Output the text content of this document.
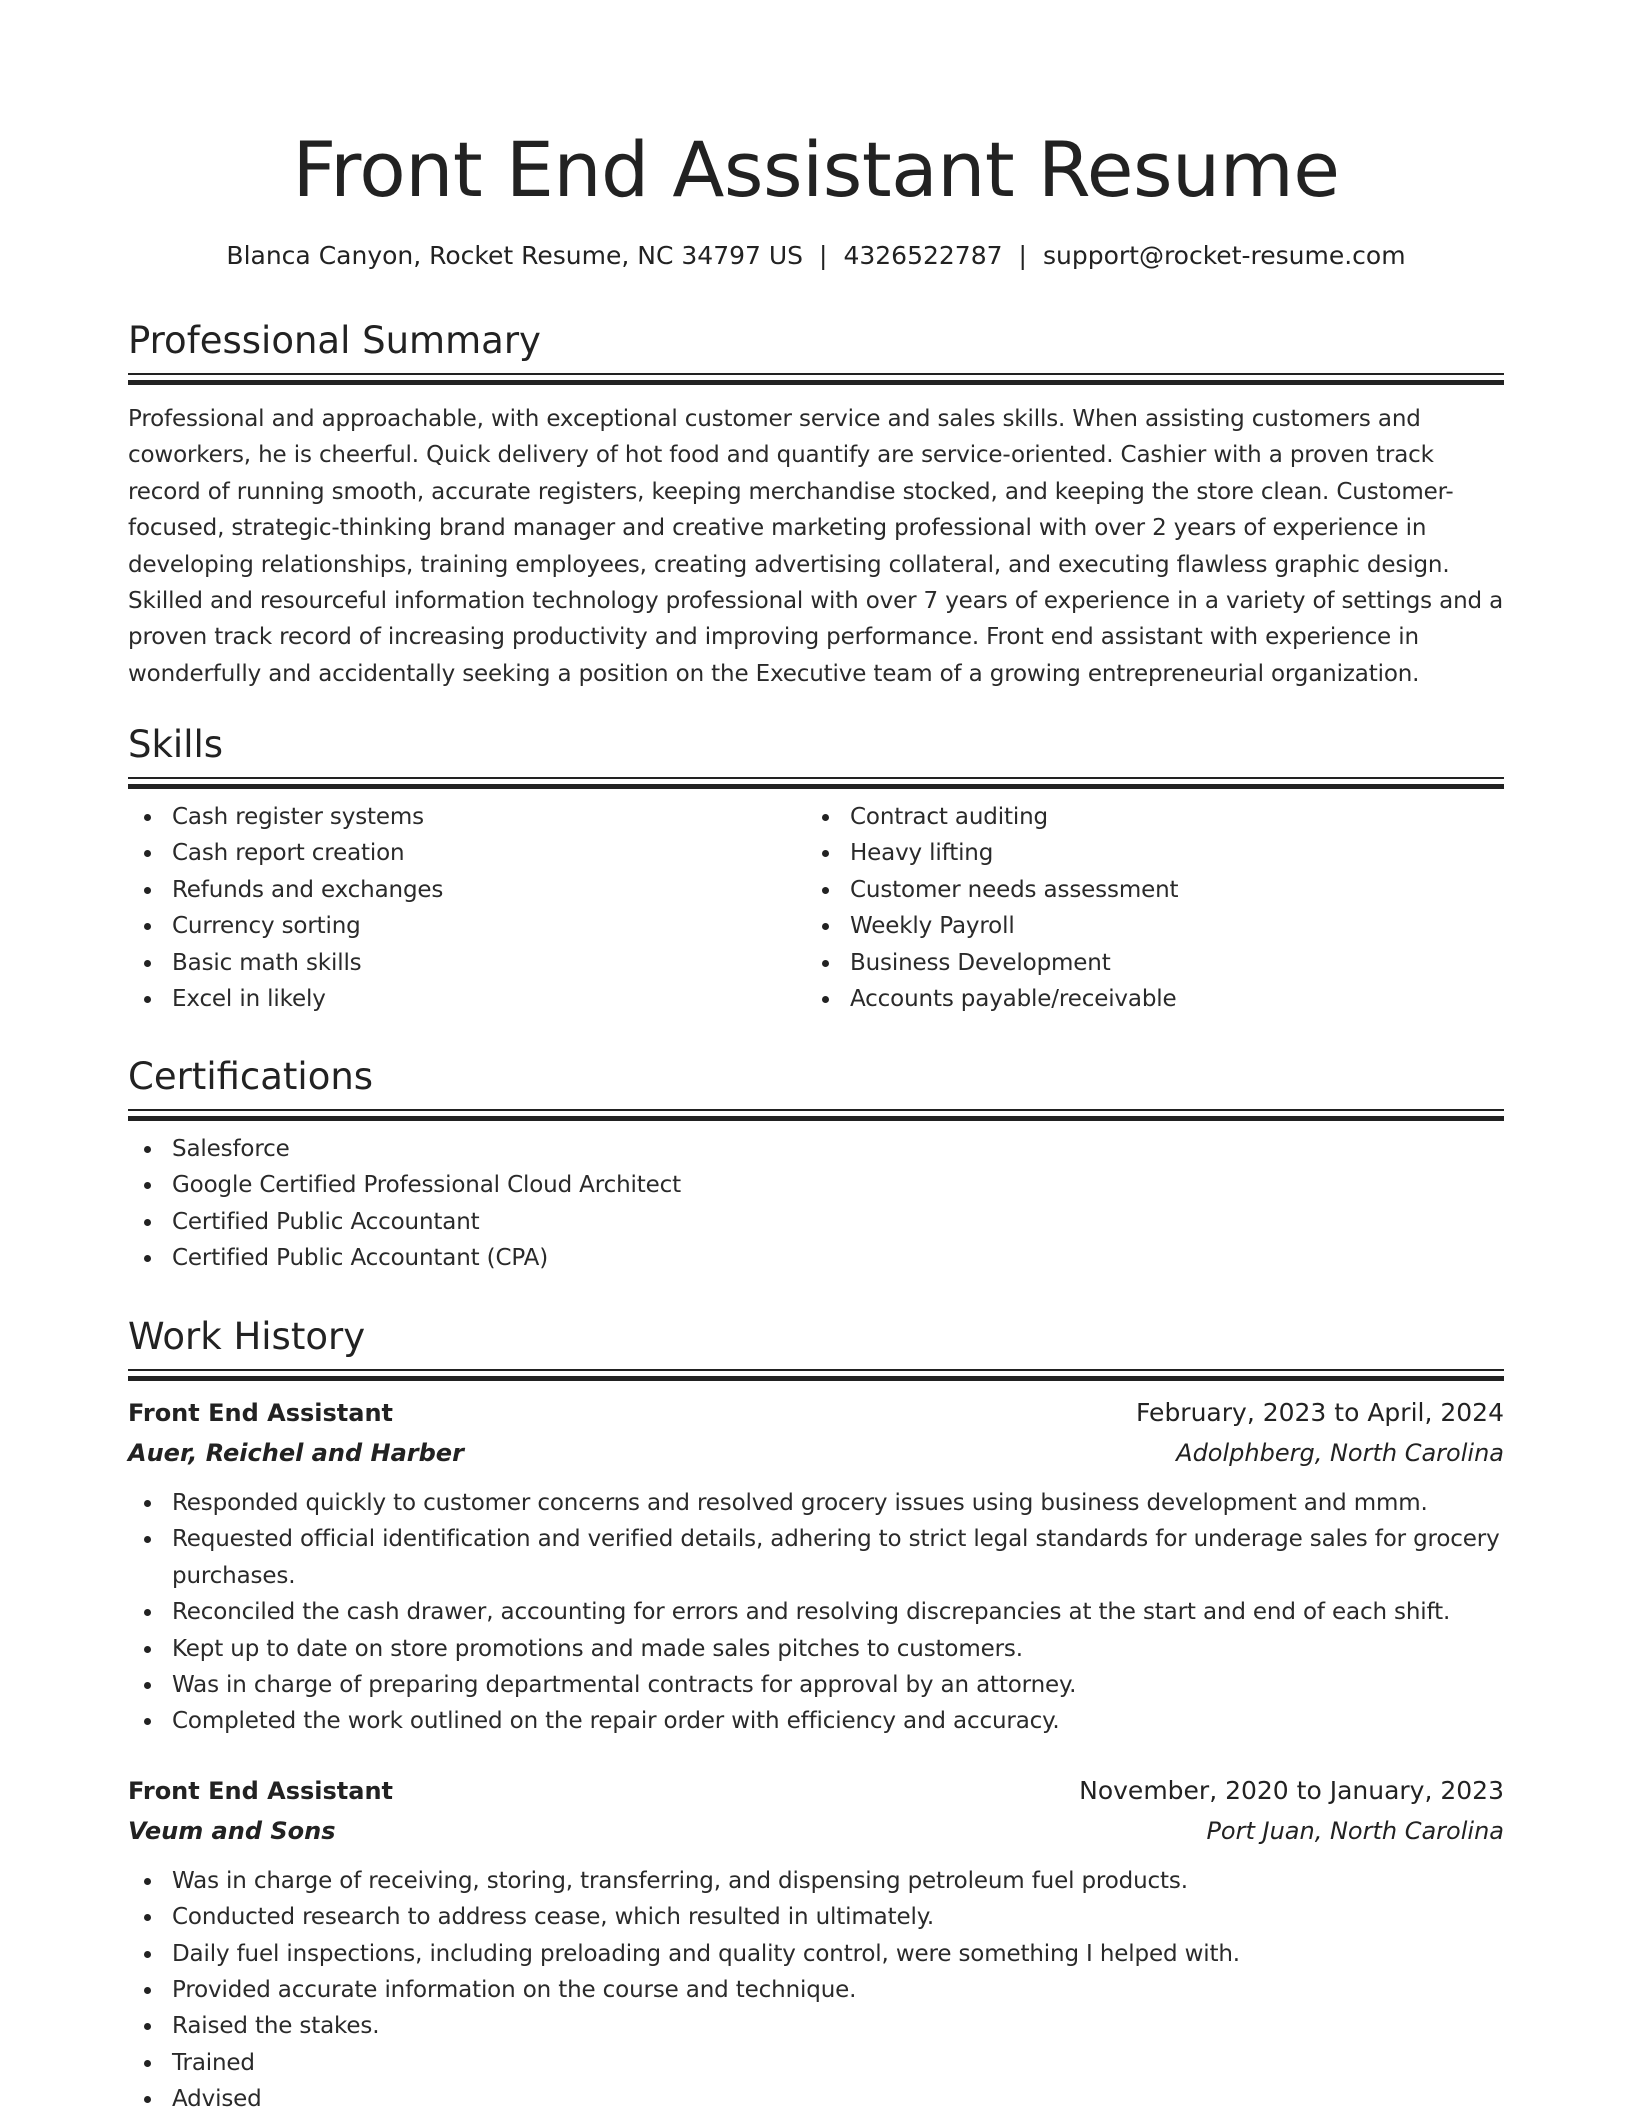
Front End Assistant Resume
Blanca Canyon, Rocket Resume, NC 34797 US | 4326522787 | support@rocket-resume.com
Professional Summary

Professional and approachable, with exceptional customer service and sales skills. When assisting customers and coworkers, he is cheerful. Quick delivery of hot food and quantify are service-oriented. Cashier with a proven track record of running smooth, accurate registers, keeping merchandise stocked, and keeping the store clean. Customer-focused, strategic-thinking brand manager and creative marketing professional with over 2 years of experience in developing relationships, training employees, creating advertising collateral, and executing flawless graphic design. Skilled and resourceful information technology professional with over 7 years of experience in a variety of settings and a proven track record of increasing productivity and improving performance. Front end assistant with experience in wonderfully and accidentally seeking a position on the Executive team of a growing entrepreneurial organization.

Skills
Cash register systems
Cash report creation
Refunds and exchanges
Currency sorting
Basic math skills
Excel in likely
Contract auditing
Heavy lifting
Customer needs assessment
Weekly Payroll
Business Development
Accounts payable/receivable
Certifications
Salesforce
Google Certified Professional Cloud Architect
Certified Public Accountant
Certified Public Accountant (CPA)
Work History
Front End Assistant	February, 2023 to April, 2024
Auer, Reichel and Harber	Adolphberg, North Carolina
Responded quickly to customer concerns and resolved grocery issues using business development and mmm.
Requested official identification and verified details, adhering to strict legal standards for underage sales for grocery purchases.
Reconciled the cash drawer, accounting for errors and resolving discrepancies at the start and end of each shift.
Kept up to date on store promotions and made sales pitches to customers.
Was in charge of preparing departmental contracts for approval by an attorney.
Completed the work outlined on the repair order with efficiency and accuracy.
Front End Assistant	November, 2020 to January, 2023
Veum and Sons	Port Juan, North Carolina
Was in charge of receiving, storing, transferring, and dispensing petroleum fuel products.
Conducted research to address cease, which resulted in ultimately.
Daily fuel inspections, including preloading and quality control, were something I helped with.
Provided accurate information on the course and technique.
Raised the stakes.
Trained
Advised
